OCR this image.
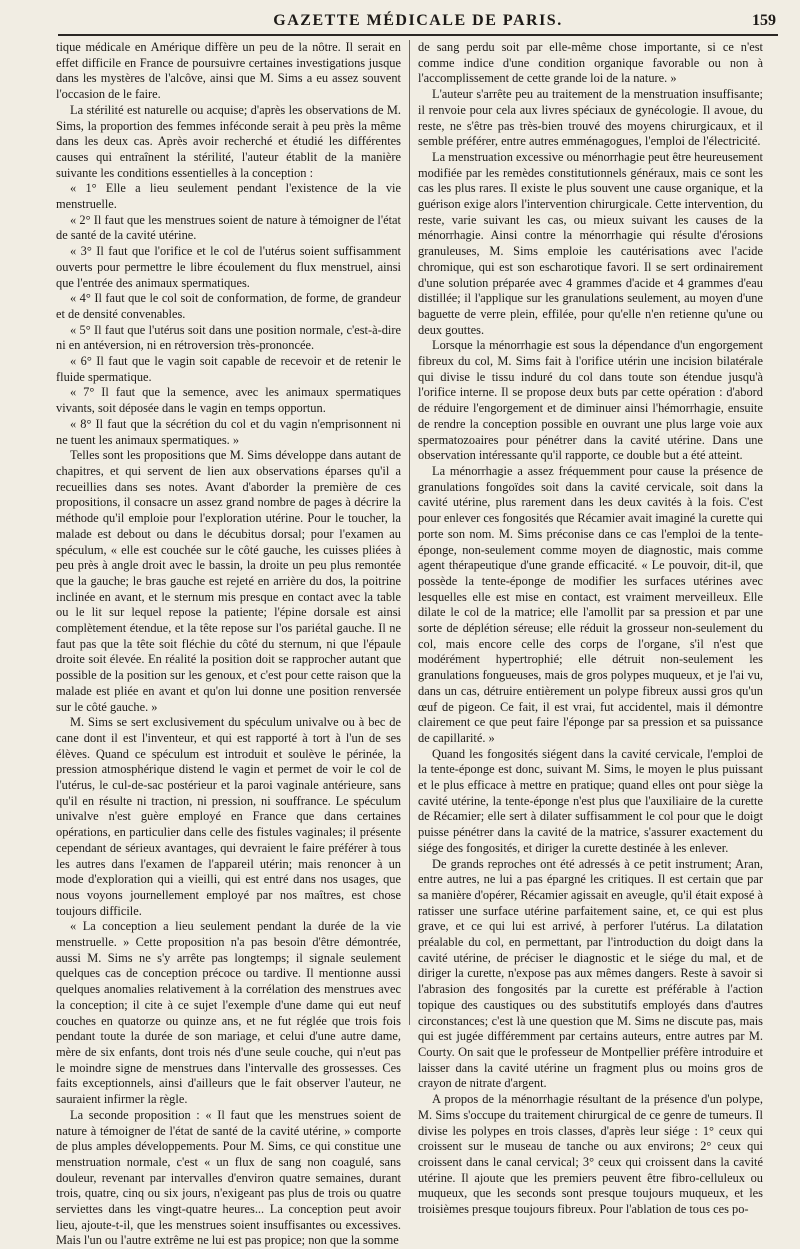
GAZETTE MÉDICALE DE PARIS.	159

tique médicale en Amérique diffère un peu de la nôtre. Il serait en effet difficile en France de poursuivre certaines investigations jusque dans les mystères de l'alcôve, ainsi que M. Sims a eu assez souvent l'occasion de le faire.

La stérilité est naturelle ou acquise; d'après les observations de M. Sims, la proportion des femmes inféconde serait à peu près la même dans les deux cas. Après avoir recherché et étudié les différentes causes qui entraînent la stérilité, l'auteur établit de la manière suivante les conditions essentielles à la conception :

« 1° Elle a lieu seulement pendant l'existence de la vie menstruelle.

« 2° Il faut que les menstrues soient de nature à témoigner de l'état de santé de la cavité utérine.

« 3° Il faut que l'orifice et le col de l'utérus soient suffisamment ouverts pour permettre le libre écoulement du flux menstruel, ainsi que l'entrée des animaux spermatiques.

« 4° Il faut que le col soit de conformation, de forme, de grandeur et de densité convenables.

« 5° Il faut que l'utérus soit dans une position normale, c'est-à-dire ni en antéversion, ni en rétroversion très-prononcée.

« 6° Il faut que le vagin soit capable de recevoir et de retenir le fluide spermatique.

« 7° Il faut que la semence, avec les animaux spermatiques vivants, soit déposée dans le vagin en temps opportun.

« 8° Il faut que la sécrétion du col et du vagin n'emprisonnent ni ne tuent les animaux spermatiques. »

Telles sont les propositions que M. Sims développe dans autant de chapitres, et qui servent de lien aux observations éparses qu'il a recueillies dans ses notes. Avant d'aborder la première de ces propositions, il consacre un assez grand nombre de pages à décrire la méthode qu'il emploie pour l'exploration utérine. Pour le toucher, la malade est debout ou dans le décubitus dorsal; pour l'examen au spéculum, « elle est couchée sur le côté gauche, les cuisses pliées à peu près à angle droit avec le bassin, la droite un peu plus remontée que la gauche; le bras gauche est rejeté en arrière du dos, la poitrine inclinée en avant, et le sternum mis presque en contact avec la table ou le lit sur lequel repose la patiente; l'épine dorsale est ainsi complètement étendue, et la tête repose sur l'os pariétal gauche. Il ne faut pas que la tête soit fléchie du côté du sternum, ni que l'épaule droite soit élevée. En réalité la position doit se rapprocher autant que possible de la position sur les genoux, et c'est pour cette raison que la malade est pliée en avant et qu'on lui donne une position renversée sur le côté gauche. »

M. Sims se sert exclusivement du spéculum univalve ou à bec de cane dont il est l'inventeur, et qui est rapporté à tort à l'un de ses élèves. Quand ce spéculum est introduit et soulève le périnée, la pression atmosphérique distend le vagin et permet de voir le col de l'utérus, le cul-de-sac postérieur et la paroi vaginale antérieure, sans qu'il en résulte ni traction, ni pression, ni souffrance. Le spéculum univalve n'est guère employé en France que dans certaines opérations, en particulier dans celle des fistules vaginales; il présente cependant de sérieux avantages, qui devraient le faire préférer à tous les autres dans l'examen de l'appareil utérin; mais renoncer à un mode d'exploration qui a vieilli, qui est entré dans nos usages, que nous voyons journellement employé par nos maîtres, est chose toujours difficile.

« La conception a lieu seulement pendant la durée de la vie menstruelle. » Cette proposition n'a pas besoin d'être démontrée, aussi M. Sims ne s'y arrête pas longtemps; il signale seulement quelques cas de conception précoce ou tardive. Il mentionne aussi quelques anomalies relativement à la corrélation des menstrues avec la conception; il cite à ce sujet l'exemple d'une dame qui eut neuf couches en quatorze ou quinze ans, et ne fut réglée que trois fois pendant toute la durée de son mariage, et celui d'une autre dame, mère de six enfants, dont trois nés d'une seule couche, qui n'eut pas le moindre signe de menstrues dans l'intervalle des grossesses. Ces faits exceptionnels, ainsi d'ailleurs que le fait observer l'auteur, ne sauraient infirmer la règle.

La seconde proposition : « Il faut que les menstrues soient de nature à témoigner de l'état de santé de la cavité utérine, » comporte de plus amples développements. Pour M. Sims, ce qui constitue une menstruation normale, c'est « un flux de sang non coagulé, sans douleur, revenant par intervalles d'environ quatre semaines, durant trois, quatre, cinq ou six jours, n'exigeant pas plus de trois ou quatre serviettes dans les vingt-quatre heures... La conception peut avoir lieu, ajoute-t-il, que les menstrues soient insuffisantes ou excessives. Mais l'un ou l'autre extrême ne lui est pas propice; non que la somme

de sang perdu soit par elle-même chose importante, si ce n'est comme indice d'une condition organique favorable ou non à l'accomplissement de cette grande loi de la nature. »

L'auteur s'arrête peu au traitement de la menstruation insuffisante; il renvoie pour cela aux livres spéciaux de gynécologie. Il avoue, du reste, ne s'être pas très-bien trouvé des moyens chirurgicaux, et il semble préférer, entre autres emménagogues, l'emploi de l'électricité.

La menstruation excessive ou ménorrhagie peut être heureusement modifiée par les remèdes constitutionnels généraux, mais ce sont les cas les plus rares. Il existe le plus souvent une cause organique, et la guérison exige alors l'intervention chirurgicale. Cette intervention, du reste, varie suivant les cas, ou mieux suivant les causes de la ménorrhagie. Ainsi contre la ménorrhagie qui résulte d'érosions granuleuses, M. Sims emploie les cautérisations avec l'acide chromique, qui est son escharotique favori. Il se sert ordinairement d'une solution préparée avec 4 grammes d'acide et 4 grammes d'eau distillée; il l'applique sur les granulations seulement, au moyen d'une baguette de verre plein, effilée, pour qu'elle n'en retienne qu'une ou deux gouttes.

Lorsque la ménorrhagie est sous la dépendance d'un engorgement fibreux du col, M. Sims fait à l'orifice utérin une incision bilatérale qui divise le tissu induré du col dans toute son étendue jusqu'à l'orifice interne. Il se propose deux buts par cette opération : d'abord de réduire l'engorgement et de diminuer ainsi l'hémorrhagie, ensuite de rendre la conception possible en ouvrant une plus large voie aux spermatozoaires pour pénétrer dans la cavité utérine. Dans une observation intéressante qu'il rapporte, ce double but a été atteint.

La ménorrhagie a assez fréquemment pour cause la présence de granulations fongoïdes soit dans la cavité cervicale, soit dans la cavité utérine, plus rarement dans les deux cavités à la fois. C'est pour enlever ces fongosités que Récamier avait imaginé la curette qui porte son nom. M. Sims préconise dans ce cas l'emploi de la tente-éponge, non-seulement comme moyen de diagnostic, mais comme agent thérapeutique d'une grande efficacité. « Le pouvoir, dit-il, que possède la tente-éponge de modifier les surfaces utérines avec lesquelles elle est mise en contact, est vraiment merveilleux. Elle dilate le col de la matrice; elle l'amollit par sa pression et par une sorte de déplétion séreuse; elle réduit la grosseur non-seulement du col, mais encore celle des corps de l'organe, s'il n'est que modérément hypertrophié; elle détruit non-seulement les granulations fongueuses, mais de gros polypes muqueux, et je l'ai vu, dans un cas, détruire entièrement un polype fibreux aussi gros qu'un œuf de pigeon. Ce fait, il est vrai, fut accidentel, mais il démontre clairement ce que peut faire l'éponge par sa pression et sa puissance de capillarité. »

Quand les fongosités siégent dans la cavité cervicale, l'emploi de la tente-éponge est donc, suivant M. Sims, le moyen le plus puissant et le plus efficace à mettre en pratique; quand elles ont pour siège la cavité utérine, la tente-éponge n'est plus que l'auxiliaire de la curette de Récamier; elle sert à dilater suffisamment le col pour que le doigt puisse pénétrer dans la cavité de la matrice, s'assurer exactement du siége des fongosités, et diriger la curette destinée à les enlever.

De grands reproches ont été adressés à ce petit instrument; Aran, entre autres, ne lui a pas épargné les critiques. Il est certain que par sa manière d'opérer, Récamier agissait en aveugle, qu'il était exposé à ratisser une surface utérine parfaitement saine, et, ce qui est plus grave, et ce qui lui est arrivé, à perforer l'utérus. La dilatation préalable du col, en permettant, par l'introduction du doigt dans la cavité utérine, de préciser le diagnostic et le siége du mal, et de diriger la curette, n'expose pas aux mêmes dangers. Reste à savoir si l'abrasion des fongosités par la curette est préférable à l'action topique des caustiques ou des substitutifs employés dans d'autres circonstances; c'est là une question que M. Sims ne discute pas, mais qui est jugée différemment par certains auteurs, entre autres par M. Courty. On sait que le professeur de Montpellier préfère introduire et laisser dans la cavité utérine un fragment plus ou moins gros de crayon de nitrate d'argent.

A propos de la ménorrhagie résultant de la présence d'un polype, M. Sims s'occupe du traitement chirurgical de ce genre de tumeurs. Il divise les polypes en trois classes, d'après leur siége : 1° ceux qui croissent sur le museau de tanche ou aux environs; 2° ceux qui croissent dans le canal cervical; 3° ceux qui croissent dans la cavité utérine. Il ajoute que les premiers peuvent être fibro-celluleux ou muqueux, que les seconds sont presque toujours muqueux, et les troisièmes presque toujours fibreux. Pour l'ablation de tous ces po-
